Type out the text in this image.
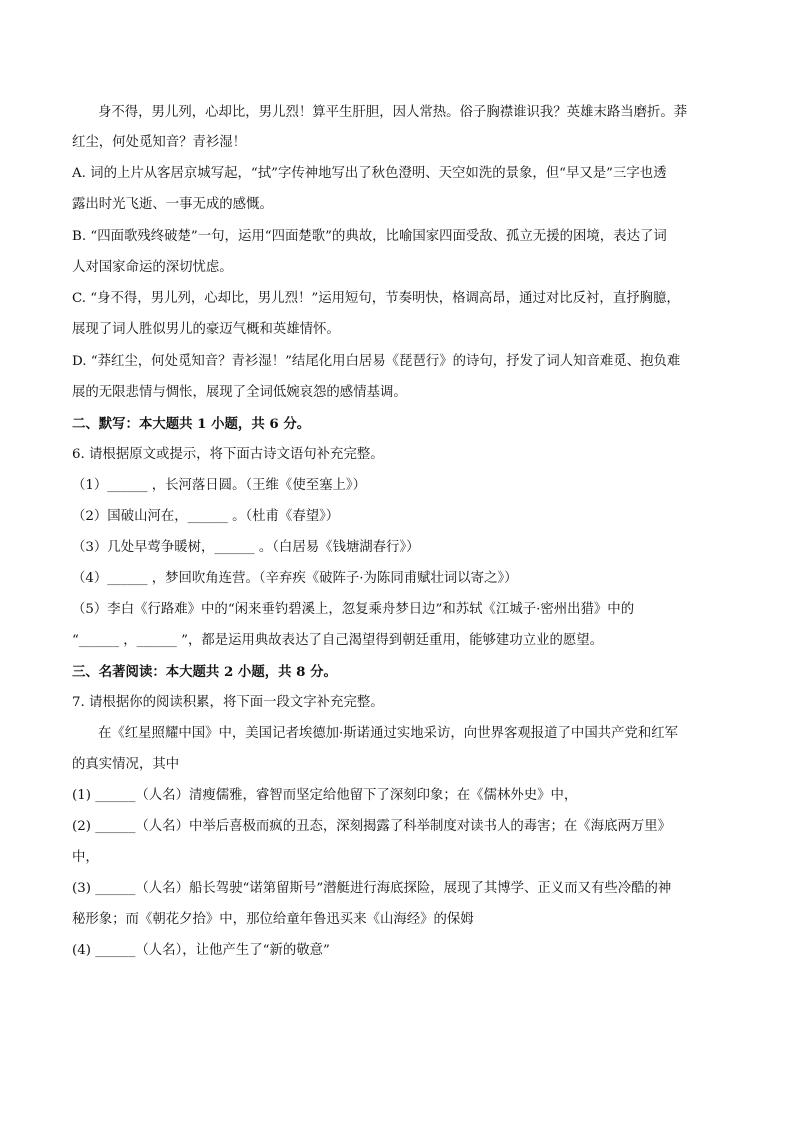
身不得，男儿列，心却比，男儿烈！算平生肝胆，因人常热。俗子胸襟谁识我？英雄末路当磨折。莽
红尘，何处觅知音？青衫湿！
A. 词的上片从客居京城写起，“拭”字传神地写出了秋色澄明、天空如洗的景象，但“早又是”三字也透
露出时光飞逝、一事无成的感慨。
B. “四面歌残终破楚”一句，运用“四面楚歌”的典故，比喻国家四面受敌、孤立无援的困境，表达了词
人对国家命运的深切忧虑。
C. “身不得，男儿列，心却比，男儿烈！”运用短句，节奏明快，格调高昂，通过对比反衬，直抒胸臆，
展现了词人胜似男儿的豪迈气概和英雄情怀。
D. “莽红尘，何处觅知音？青衫湿！”结尾化用白居易《琵琶行》的诗句，抒发了词人知音难觅、抱负难
展的无限悲情与惆怅，展现了全词低婉哀怨的感情基调。
二、默写：本大题共 1 小题，共 6 分。
6. 请根据原文或提示，将下面古诗文语句补充完整。
（1）______ ，长河落日圆。（王维《使至塞上》）
（2）国破山河在，______ 。（杜甫《春望》）
（3）几处早莺争暖树，______ 。（白居易《钱塘湖春行》）
（4）______ ，梦回吹角连营。（辛弃疾《破阵子·为陈同甫赋壮词以寄之》）
（5）李白《行路难》中的“闲来垂钓碧溪上，忽复乘舟梦日边”和苏轼《江城子·密州出猎》中的
“______ ，______ ”，都是运用典故表达了自己渴望得到朝廷重用，能够建功立业的愿望。
三、名著阅读：本大题共 2 小题，共 8 分。
7. 请根据你的阅读积累，将下面一段文字补充完整。
在《红星照耀中国》中，美国记者埃德加·斯诺通过实地采访，向世界客观报道了中国共产党和红军
的真实情况，其中
(1) ______（人名）清瘦儒雅，睿智而坚定给他留下了深刻印象；在《儒林外史》中，
(2) ______（人名）中举后喜极而疯的丑态，深刻揭露了科举制度对读书人的毒害；在《海底两万里》
中，
(3) ______（人名）船长驾驶“诺第留斯号”潜艇进行海底探险，展现了其博学、正义而又有些冷酷的神
秘形象；而《朝花夕拾》中，那位给童年鲁迅买来《山海经》的保姆
(4) ______（人名），让他产生了“新的敬意”
